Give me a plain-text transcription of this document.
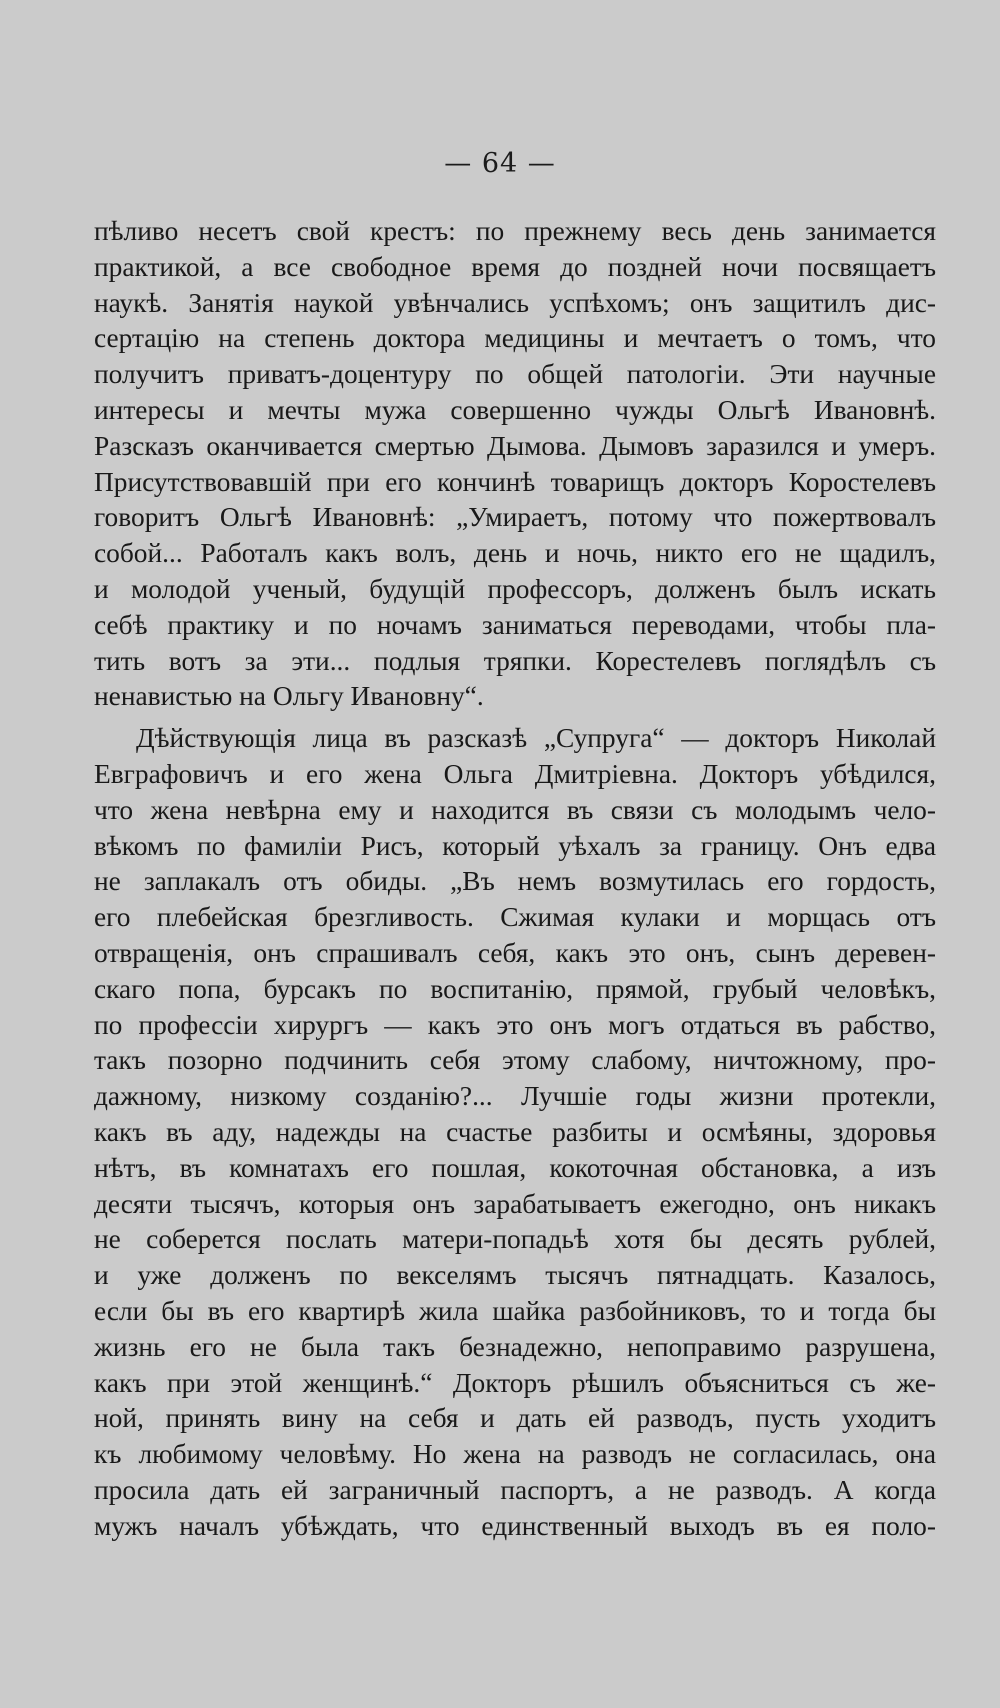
— 64 —
пѣливо несетъ свой крестъ: по прежнему весь день занимается
практикой, а все свободное время до поздней ночи посвящаетъ
наукѣ. Занятія наукой увѣнчались успѣхомъ; онъ защитилъ дис-
сертацію на степень доктора медицины и мечтаетъ о томъ, что
получитъ приватъ-доцентуру по общей патологіи. Эти научные
интересы и мечты мужа совершенно чужды Ольгѣ Ивановнѣ.
Разсказъ оканчивается смертью Дымова. Дымовъ заразился и умеръ.
Присутствовавшій при его кончинѣ товарищъ докторъ Коростелевъ
говоритъ Ольгѣ Ивановнѣ: „Умираетъ, потому что пожертвовалъ
собой... Работалъ какъ волъ, день и ночь, никто его не щадилъ,
и молодой ученый, будущій профессоръ, долженъ былъ искать
себѣ практику и по ночамъ заниматься переводами, чтобы пла-
тить вотъ за эти... подлыя тряпки. Корестелевъ поглядѣлъ съ
ненавистью на Ольгу Ивановну“.
Дѣйствующія лица въ разсказѣ „Супруга“ — докторъ Николай
Евграфовичъ и его жена Ольга Дмитріевна. Докторъ убѣдился,
что жена невѣрна ему и находится въ связи съ молодымъ чело-
вѣкомъ по фамиліи Рисъ, который уѣхалъ за границу. Онъ едва
не заплакалъ отъ обиды. „Въ немъ возмутилась его гордость,
его плебейская брезгливость. Сжимая кулаки и морщась отъ
отвращенія, онъ спрашивалъ себя, какъ это онъ, сынъ деревен-
скаго попа, бурсакъ по воспитанію, прямой, грубый человѣкъ,
по профессіи хирургъ — какъ это онъ могъ отдаться въ рабство,
такъ позорно подчинить себя этому слабому, ничтожному, про-
дажному, низкому созданію?... Лучшіе годы жизни протекли,
какъ въ аду, надежды на счастье разбиты и осмѣяны, здоровья
нѣтъ, въ комнатахъ его пошлая, кокоточная обстановка, а изъ
десяти тысячъ, которыя онъ зарабатываетъ ежегодно, онъ никакъ
не соберется послать матери-попадьѣ хотя бы десять рублей,
и уже долженъ по векселямъ тысячъ пятнадцать. Казалось,
если бы въ его квартирѣ жила шайка разбойниковъ, то и тогда бы
жизнь его не была такъ безнадежно, непоправимо разрушена,
какъ при этой женщинѣ.“ Докторъ рѣшилъ объясниться съ же-
ной, принять вину на себя и дать ей разводъ, пусть уходитъ
къ любимому человѣму. Но жена на разводъ не согласилась, она
просила дать ей заграничный паспортъ, а не разводъ. А когда
мужъ началъ убѣждать, что единственный выходъ въ ея поло-
